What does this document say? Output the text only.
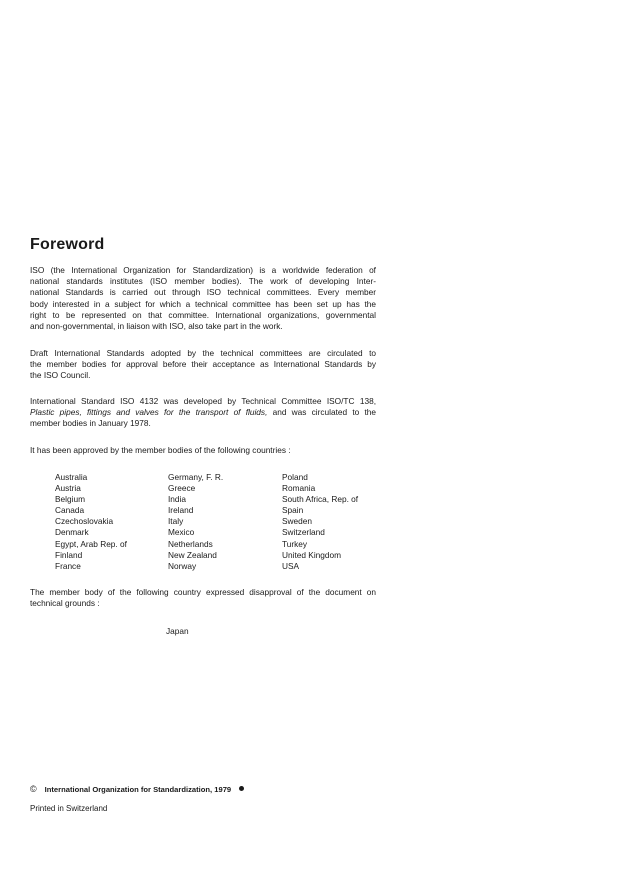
Foreword
ISO (the International Organization for Standardization) is a worldwide federation of
national standards institutes (ISO member bodies). The work of developing Inter-
national Standards is carried out through ISO technical committees. Every member
body interested in a subject for which a technical committee has been set up has the
right to be represented on that committee. International organizations, governmental
and non-governmental, in liaison with ISO, also take part in the work.
Draft International Standards adopted by the technical committees are circulated to
the member bodies for approval before their acceptance as International Standards by
the ISO Council.
International Standard ISO 4132 was developed by Technical Committee ISO/TC 138,
Plastic pipes, fittings and valves for the transport of fluids, and was circulated to the
member bodies in January 1978.

It has been approved by the member bodies of the following countries :

Australia
Austria
Belgium
Canada
Czechoslovakia
Denmark
Egypt, Arab Rep. of
Finland
France
Germany, F. R.
Greece
India
Ireland
Italy
Mexico
Netherlands
New Zealand
Norway
Poland
Romania
South Africa, Rep. of
Spain
Sweden
Switzerland
Turkey
United Kingdom
USA
The member body of the following country expressed disapproval of the document on
technical grounds :
Japan
© International Organization for Standardization, 1979
Printed in Switzerland
